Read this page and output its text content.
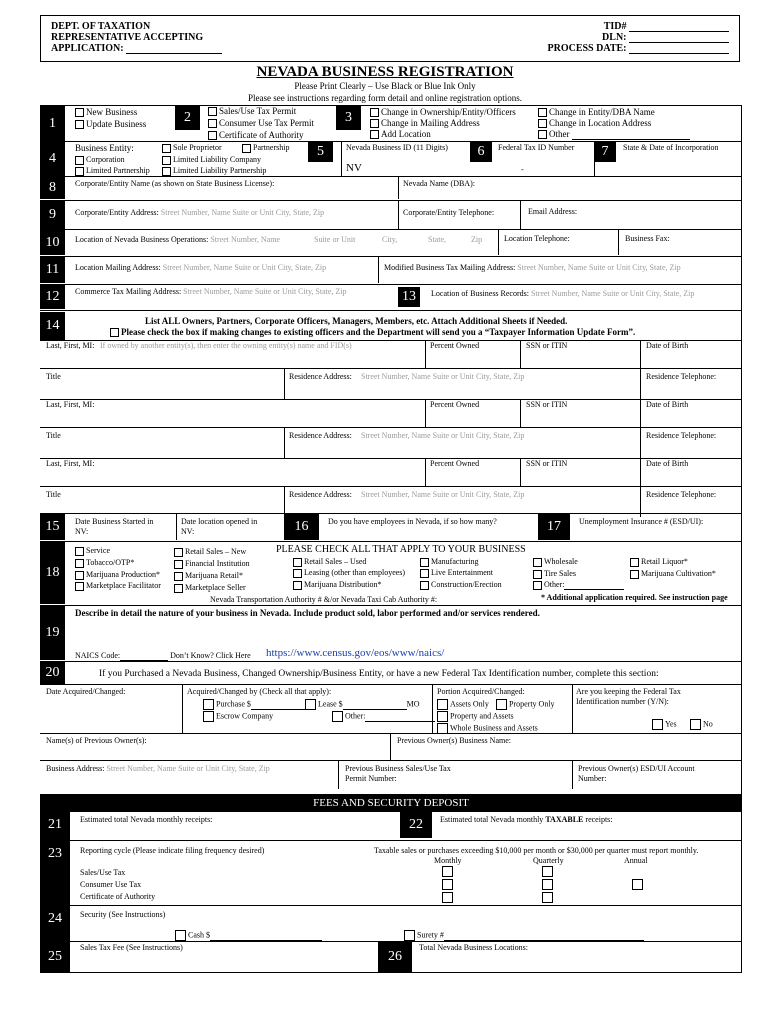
DEPT. OF TAXATION
REPRESENTATIVE ACCEPTING
APPLICATION:
TID#
DLN:
PROCESS DATE:
NEVADA BUSINESS REGISTRATION
Please Print Clearly – Use Black or Blue Ink Only
Please see instructions regarding form detail and online registration options.
1
New Business
Update Business	2	Sales/Use Tax Permit
Consumer Use Tax Permit
Certificate of Authority
3	Change in Ownership/Entity/Officers	Change in Entity/DBA Name
Change in Mailing Address	Change in Location Address
Add Location	Other
4
Business Entity:	Sole Proprietor	Partnership
Corporation	Limited Liability Company
Limited Partnership	Limited Liability Partnership
5	Nevada Business ID (11 Digits)
NV
6	Federal Tax ID Number
-
7	State & Date of Incorporation
8	Corporate/Entity Name (as shown on State Business License):	Nevada Name (DBA):
9	Corporate/Entity Address: Street Number, Name Suite or Unit City, State, Zip	Corporate/Entity Telephone:	Email Address:
10	Location of Nevada Business Operations: Street Number, Name	Suite or Unit	City,	State,	Zip	Location Telephone:	Business Fax:
11	Location Mailing Address: Street Number, Name Suite or Unit City, State, Zip	Modified Business Tax Mailing Address: Street Number, Name Suite or Unit City, State, Zip
12	Commerce Tax Mailing Address: Street Number, Name Suite or Unit City, State, Zip	13	Location of Business Records: Street Number, Name Suite or Unit City, State, Zip
14	List ALL Owners, Partners, Corporate Officers, Managers, Members, etc. Attach Additional Sheets if Needed.
Please check the box if making changes to existing officers and the Department will send you a “Taxpayer Information Update Form”.
Last, First, MI: If owned by another entity(s), then enter the owning entity(s) name and FID(s)	Percent Owned	SSN or ITIN	Date of Birth
Title	Residence Address: Street Number, Name Suite or Unit City, State, Zip	Residence Telephone:
Last, First, MI:	Percent Owned	SSN or ITIN	Date of Birth
Title	Residence Address: Street Number, Name Suite or Unit City, State, Zip	Residence Telephone:
Last, First, MI:	Percent Owned	SSN or ITIN	Date of Birth
Title	Residence Address: Street Number, Name Suite or Unit City, State, Zip	Residence Telephone:
15	Date Business Started in
NV:
Date location opened in
NV:	16	Do you have employees in Nevada, if so how many?	17	Unemployment Insurance # (ESD/UI):
18
PLEASE CHECK ALL THAT APPLY TO YOUR BUSINESS
Service
Tobacco/OTP*
Marijuana Production*
Marketplace Facilitator
Retail Sales – New
Financial Institution
Marijuana Retail*
Marketplace Seller
Retail Sales – Used
Leasing (other than employees)
Marijuana Distribution*
Manufacturing
Live Entertainment
Construction/Erection
Wholesale
Tire Sales
Other:
Retail Liquor*
Marijuana Cultivation*
Nevada Transportation Authority # &/or Nevada Taxi Cab Authority #:	* Additional application required. See instruction page
19
Describe in detail the nature of your business in Nevada. Include product sold, labor performed and/or services rendered.
NAICS Code:	Don’t Know? Click Here https://www.census.gov/eos/www/naics/
20	If you Purchased a Nevada Business, Changed Ownership/Business Entity, or have a new Federal Tax Identification number, complete this section:
Date Acquired/Changed:	Acquired/Changed by (Check all that apply):
Purchase $	Lease $	MO
Escrow Company	Other:
Portion Acquired/Changed:
Assets Only	Property Only
Property and Assets
Whole Business and Assets
Are you keeping the Federal Tax
Identification number (Y/N):
Yes	No
Name(s) of Previous Owner(s):	Previous Owner(s) Business Name:
Business Address: Street Number, Name Suite or Unit City, State, Zip	Previous Business Sales/Use Tax
Permit Number:
Previous Owner(s) ESD/UI Account
Number:
FEES AND SECURITY DEPOSIT
21	Estimated total Nevada monthly receipts:	22	Estimated total Nevada monthly TAXABLE receipts:
23	Reporting cycle (Please indicate filing frequency desired)	Taxable sales or purchases exceeding $10,000 per month or $30,000 per quarter must report monthly.
Monthly	Quarterly	Annual
Sales/Use Tax
Consumer Use Tax
Certificate of Authority
24	Security (See Instructions)
Cash $	Surety #
25
Sales Tax Fee (See Instructions)
26
Total Nevada Business Locations:
